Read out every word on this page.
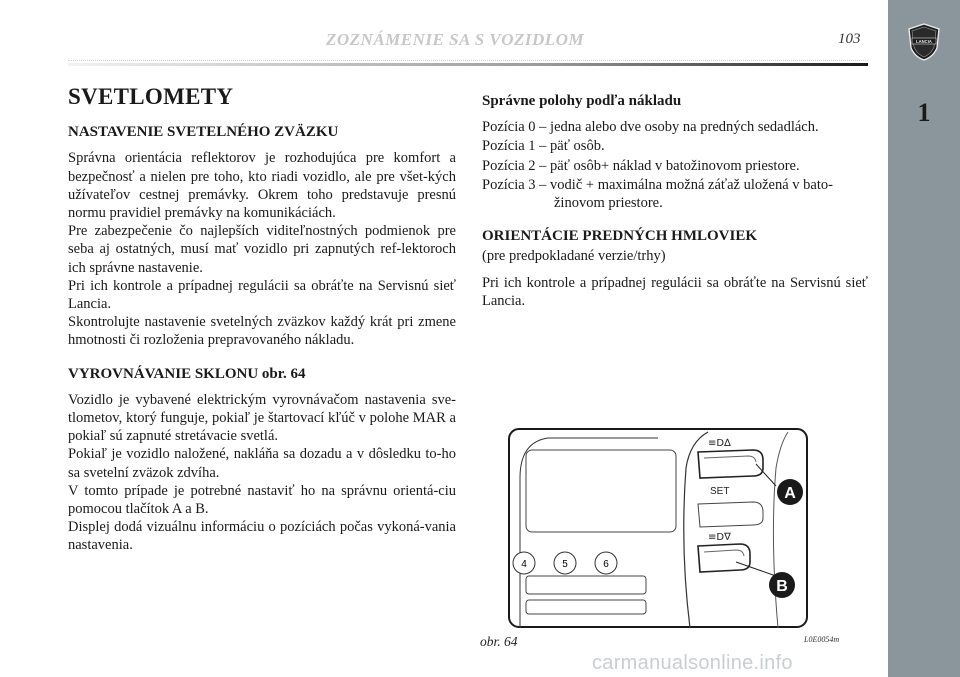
LANCIA
1
ZOZNÁMENIE SA S VOZIDLOM	103
SVETLOMETY
NASTAVENIE SVETELNÉHO ZVÄZKU

Správna orientácia reflektorov je rozhodujúca pre komfort a bezpečnosť a nielen pre toho, kto riadi vozidlo, ale pre všet-kých užívateľov cestnej premávky. Okrem toho predstavuje presnú normu pravidiel premávky na komunikáciách.

Pre zabezpečenie čo najlepších viditeľnostných podmienok pre seba aj ostatných, musí mať vozidlo pri zapnutých ref-lektoroch ich správne nastavenie.

Pri ich kontrole a prípadnej regulácii sa obráťte na Servisnú sieť Lancia.

Skontrolujte nastavenie svetelných zväzkov každý krát pri zmene hmotnosti či rozloženia prepravovaného nákladu.

VYROVNÁVANIE SKLONU obr. 64

Vozidlo je vybavené elektrickým vyrovnávačom nastavenia sve-tlometov, ktorý funguje, pokiaľ je štartovací kľúč v polohe MAR a pokiaľ sú zapnuté stretávacie svetlá.

Pokiaľ je vozidlo naložené, nakláňa sa dozadu a v dôsledku to-ho sa svetelní zväzok zdvíha.

V tomto prípade je potrebné nastaviť ho na správnu orientá-ciu pomocou tlačítok A a B.

Displej dodá vizuálnu informáciu o pozíciách počas vykoná-vania nastavenia.

Správne polohy podľa nákladu

Pozícia 0 – jedna alebo dve osoby na predných sedadlách.

Pozícia 1 – päť osôb.

Pozícia 2 – päť osôb+ náklad v batožinovom priestore.

Pozícia 3 – vodič + maximálna možná záťaž uložená v bato-žinovom priestore.

ORIENTÁCIE PREDNÝCH HMLOVIEK

(pre predpokladané verzie/trhy)

Pri ich kontrole a prípadnej regulácii sa obráťte na Servisnú sieť Lancia.

4	5	6
≡D∆
SET
≡D∇
A
B
obr. 64	L0E0054m
carmanualsonline.info
